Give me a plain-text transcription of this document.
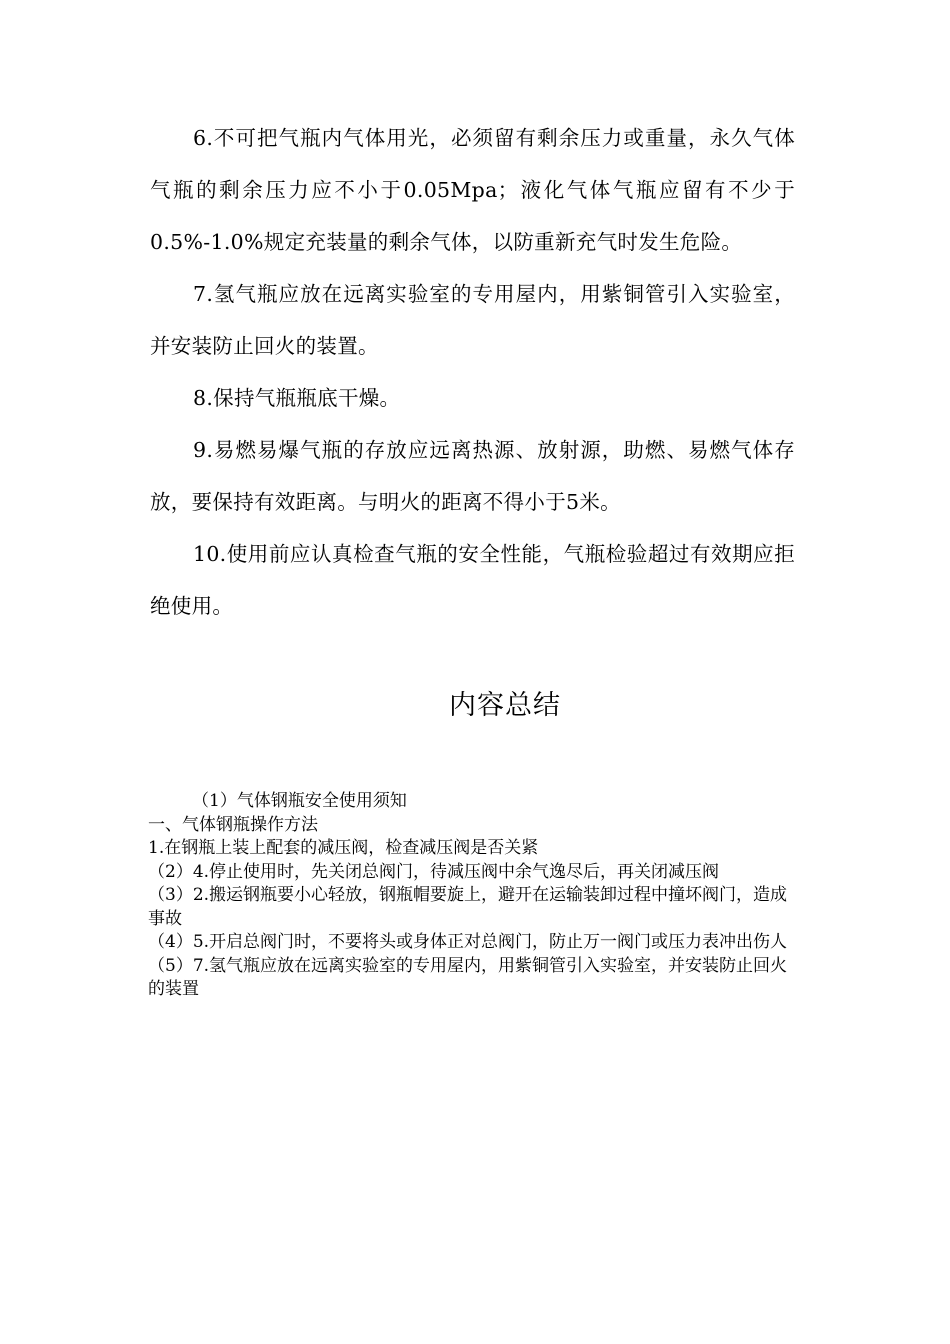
6.不可把气瓶内气体用光，必须留有剩余压力或重量，永久气体气瓶的剩余压力应不小于0.05Mpa；液化气体气瓶应留有不少于0.5%-1.0%规定充装量的剩余气体，以防重新充气时发生危险。

7.氢气瓶应放在远离实验室的专用屋内，用紫铜管引入实验室，并安装防止回火的装置。

8.保持气瓶瓶底干燥。

9.易燃易爆气瓶的存放应远离热源、放射源，助燃、易燃气体存放，要保持有效距离。与明火的距离不得小于5米。

10.使用前应认真检查气瓶的安全性能，气瓶检验超过有效期应拒绝使用。

内容总结

（1）气体钢瓶安全使用须知

一、气体钢瓶操作方法

1.在钢瓶上装上配套的减压阀，检查减压阀是否关紧

（2）4.停止使用时，先关闭总阀门，待减压阀中余气逸尽后，再关闭减压阀

（3）2.搬运钢瓶要小心轻放，钢瓶帽要旋上，避开在运输装卸过程中撞坏阀门，造成事故

（4）5.开启总阀门时，不要将头或身体正对总阀门，防止万一阀门或压力表冲出伤人

（5）7.氢气瓶应放在远离实验室的专用屋内，用紫铜管引入实验室，并安装防止回火的装置
